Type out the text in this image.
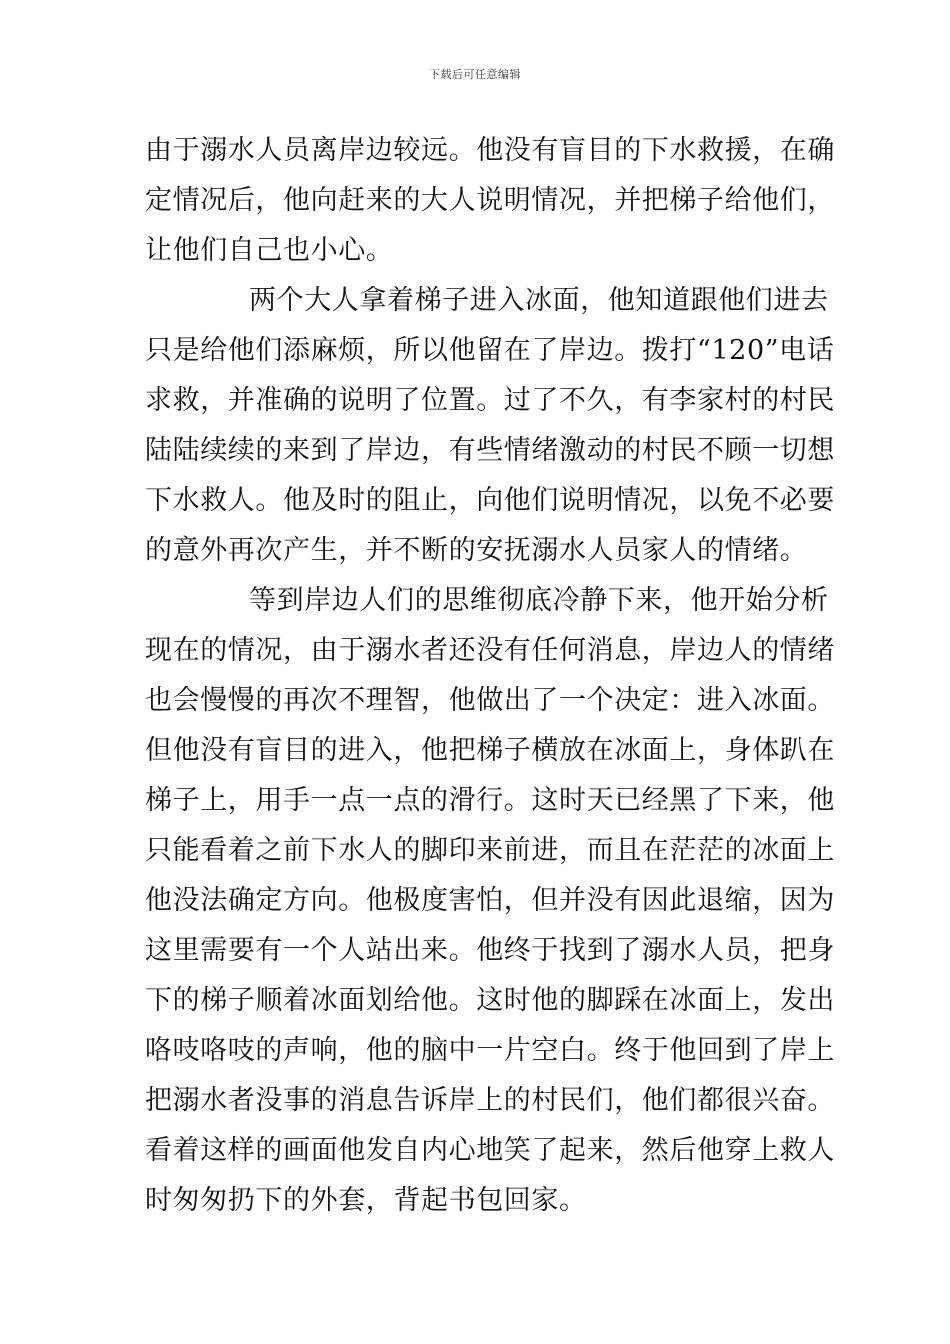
下载后可任意编辑
由于溺水人员离岸边较远。他没有盲目的下水救援，在确
定情况后，他向赶来的大人说明情况，并把梯子给他们，
让他们自己也小心。
两个大人拿着梯子进入冰面，他知道跟他们进去
只是给他们添麻烦，所以他留在了岸边。拨打“120”电话
求救，并准确的说明了位置。过了不久，有李家村的村民
陆陆续续的来到了岸边，有些情绪激动的村民不顾一切想
下水救人。他及时的阻止，向他们说明情况，以免不必要
的意外再次产生，并不断的安抚溺水人员家人的情绪。
等到岸边人们的思维彻底冷静下来，他开始分析
现在的情况，由于溺水者还没有任何消息，岸边人的情绪
也会慢慢的再次不理智，他做出了一个决定：进入冰面。
但他没有盲目的进入，他把梯子横放在冰面上，身体趴在
梯子上，用手一点一点的滑行。这时天已经黑了下来，他
只能看着之前下水人的脚印来前进，而且在茫茫的冰面上
他没法确定方向。他极度害怕，但并没有因此退缩，因为
这里需要有一个人站出来。他终于找到了溺水人员，把身
下的梯子顺着冰面划给他。这时他的脚踩在冰面上，发出
咯吱咯吱的声响，他的脑中一片空白。终于他回到了岸上
把溺水者没事的消息告诉岸上的村民们，他们都很兴奋。
看着这样的画面他发自内心地笑了起来，然后他穿上救人
时匆匆扔下的外套，背起书包回家。
